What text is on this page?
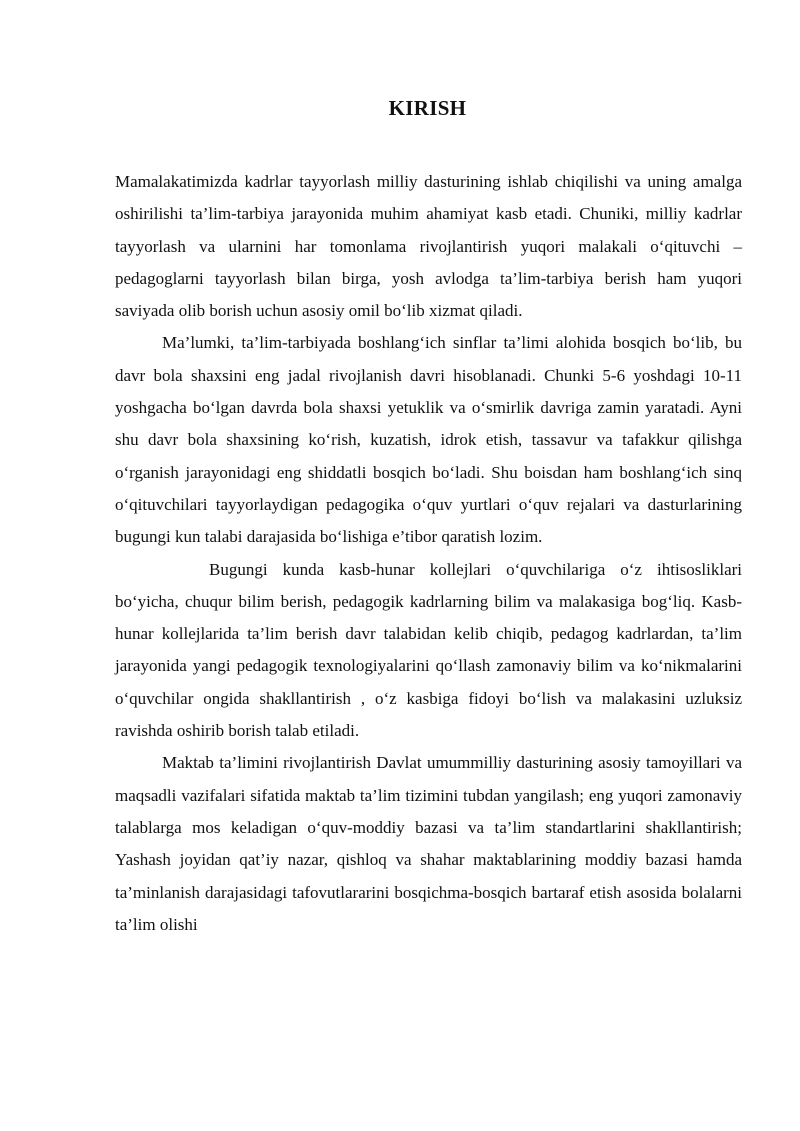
KIRISH

Mamalakatimizda kadrlar tayyorlash milliy dasturining ishlab chiqilishi va uning amalga oshirilishi ta’lim-tarbiya jarayonida muhim ahamiyat kasb etadi. Chuniki, milliy kadrlar tayyorlash va ularnini har tomonlama rivojlantirish yuqori malakali o‘qituvchi –pedagoglarni tayyorlash bilan birga, yosh avlodga ta’lim-tarbiya berish ham yuqori saviyada olib borish uchun asosiy omil bo‘lib xizmat qiladi.

Ma’lumki, ta’lim-tarbiyada boshlang‘ich sinflar ta’limi alohida bosqich bo‘lib, bu davr bola shaxsini eng jadal rivojlanish davri hisoblanadi. Chunki 5-6 yoshdagi 10-11 yoshgacha bo‘lgan davrda bola shaxsi yetuklik va o‘smirlik davriga zamin yaratadi. Ayni shu davr bola shaxsining ko‘rish, kuzatish, idrok etish, tassavur va tafakkur qilishga o‘rganish jarayonidagi eng shiddatli bosqich bo‘ladi. Shu boisdan ham boshlang‘ich sinq o‘qituvchilari tayyorlaydigan pedagogika o‘quv yurtlari o‘quv rejalari va dasturlarining bugungi kun talabi darajasida bo‘lishiga e’tibor qaratish lozim.

Bugungi kunda kasb-hunar kollejlari o‘quvchilariga o‘z ihtisosliklari bo‘yicha, chuqur bilim berish, pedagogik kadrlarning bilim va malakasiga bog‘liq. Kasb-hunar kollejlarida ta’lim berish davr talabidan kelib chiqib, pedagog kadrlardan, ta’lim jarayonida yangi pedagogik texnologiyalarini qo‘llash zamonaviy bilim va ko‘nikmalarini o‘quvchilar ongida shakllantirish , o‘z kasbiga fidoyi bo‘lish va malakasini uzluksiz ravishda oshirib borish talab etiladi.

Maktab ta’limini rivojlantirish Davlat umummilliy dasturining asosiy tamoyillari va maqsadli vazifalari sifatida maktab ta’lim tizimini tubdan yangilash; eng yuqori zamonaviy talablarga mos keladigan o‘quv-moddiy bazasi va ta’lim standartlarini shakllantirish; Yashash joyidan qat’iy nazar, qishloq va shahar maktablarining moddiy bazasi hamda ta’minlanish darajasidagi tafovutlararini bosqichma-bosqich bartaraf etish asosida bolalarni ta’lim olishi
